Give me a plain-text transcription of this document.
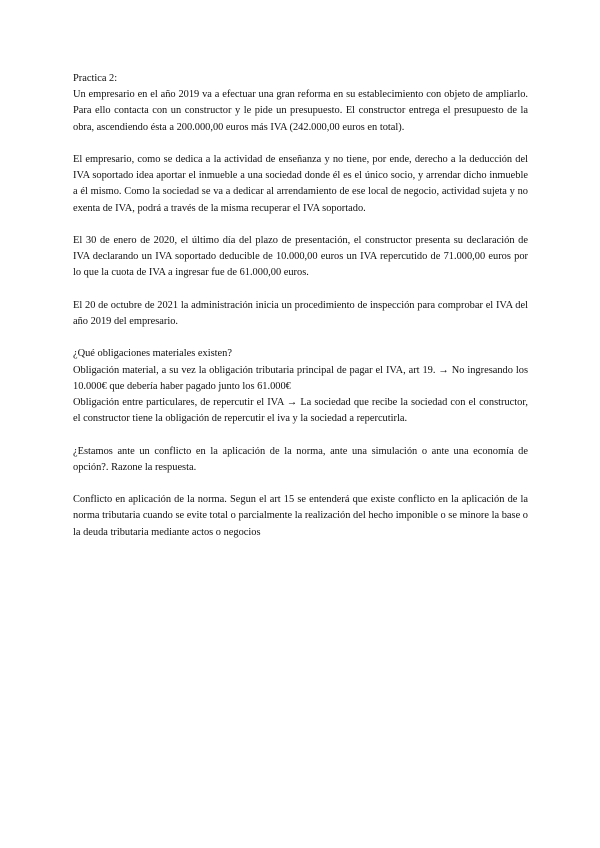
Practica 2:

Un empresario en el año 2019 va a efectuar una gran reforma en su establecimiento con objeto de ampliarlo. Para ello contacta con un constructor y le pide un presupuesto. El constructor entrega el presupuesto de la obra, ascendiendo ésta a 200.000,00 euros más IVA (242.000,00 euros en total).

El empresario, como se dedica a la actividad de enseñanza y no tiene, por ende, derecho a la deducción del IVA soportado idea aportar el inmueble a una sociedad donde él es el único socio, y arrendar dicho inmueble a él mismo. Como la sociedad se va a dedicar al arrendamiento de ese local de negocio, actividad sujeta y no exenta de IVA, podrá a través de la misma recuperar el IVA soportado.

El 30 de enero de 2020, el último día del plazo de presentación, el constructor presenta su declaración de IVA declarando un IVA soportado deducible de 10.000,00 euros un IVA repercutido de 71.000,00 euros por lo que la cuota de IVA a ingresar fue de 61.000,00 euros.

El 20 de octubre de 2021 la administración inicia un procedimiento de inspección para comprobar el IVA del año 2019 del empresario.

¿Qué obligaciones materiales existen?

Obligación material, a su vez la obligación tributaria principal de pagar el IVA, art 19. → No ingresando los 10.000€ que debería haber pagado junto los 61.000€

Obligación entre particulares, de repercutir el IVA → La sociedad que recibe la sociedad con el constructor, el constructor tiene la obligación de repercutir el iva y la sociedad a repercutirla.

¿Estamos ante un conflicto en la aplicación de la norma, ante una simulación o ante una economía de opción?. Razone la respuesta.

Conflicto en aplicación de la norma. Segun el art 15 se entenderá que existe conflicto en la aplicación de la norma tributaria cuando se evite total o parcialmente la realización del hecho imponible o se minore la base o la deuda tributaria mediante actos o negocios
